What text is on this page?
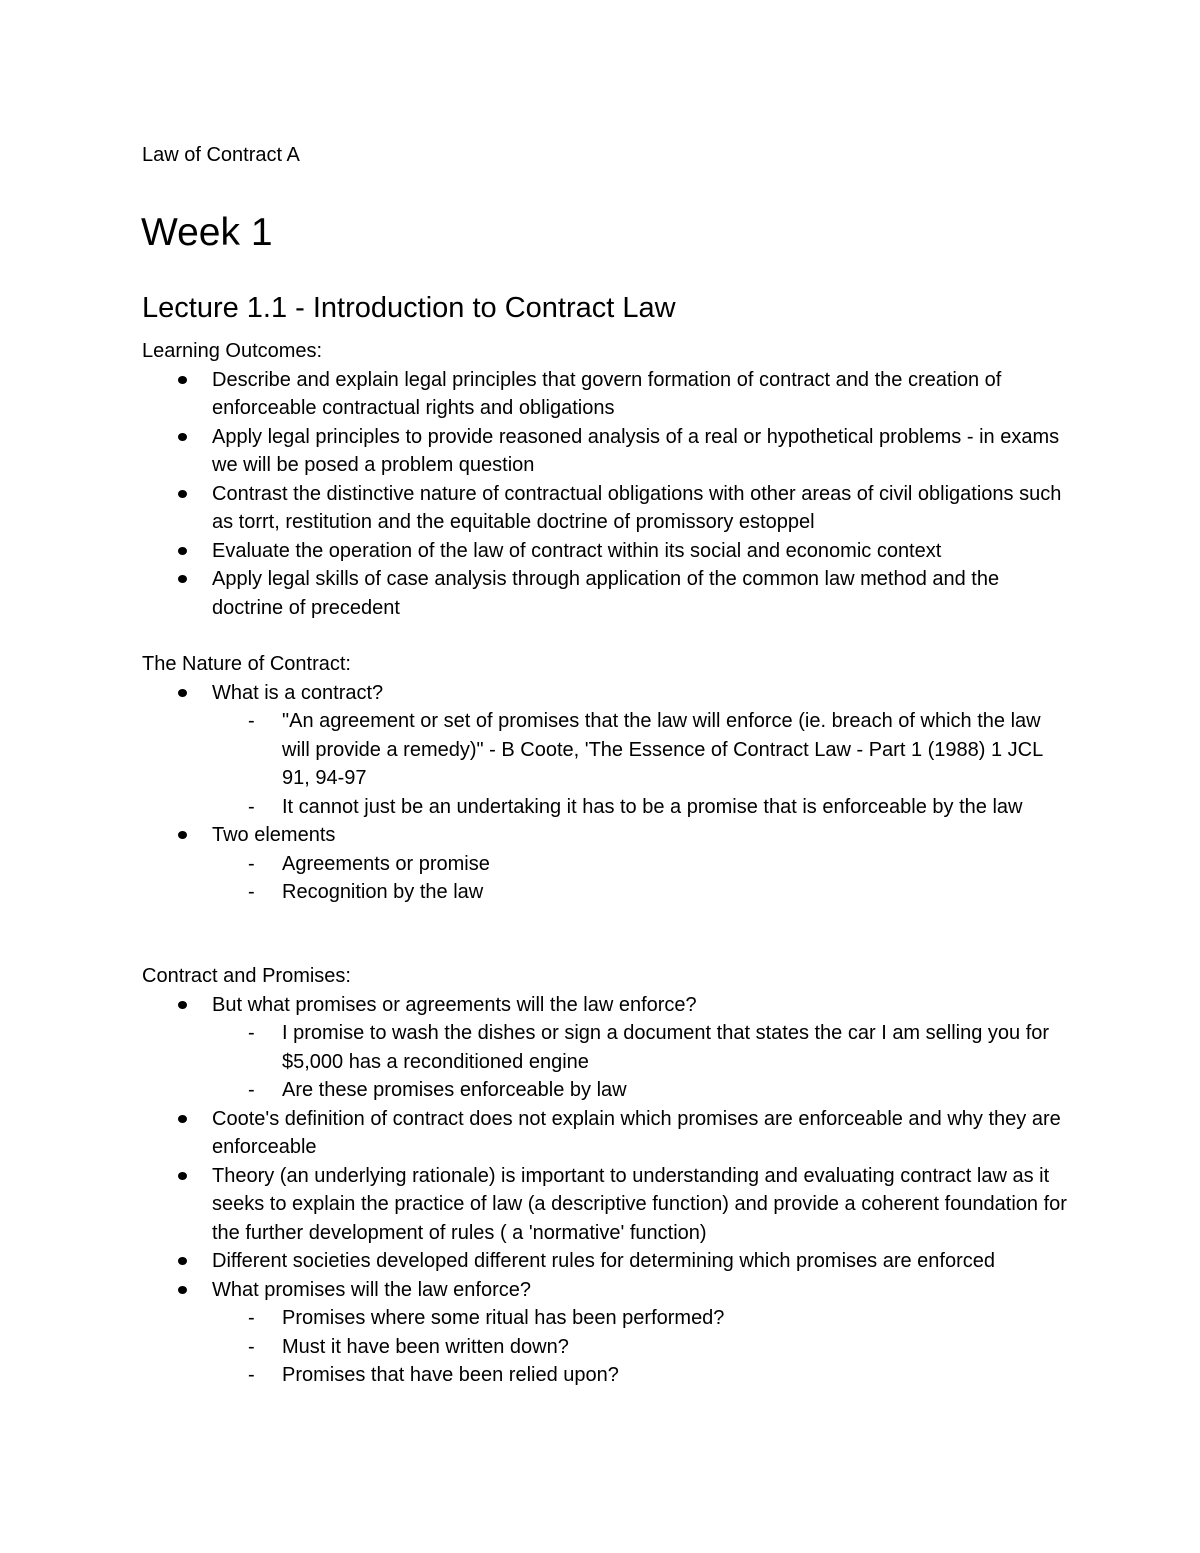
Law of Contract A
Week 1
Lecture 1.1 - Introduction to Contract Law

Learning Outcomes:

Describe and explain legal principles that govern formation of contract and the creation of enforceable contractual rights and obligations
Apply legal principles to provide reasoned analysis of a real or hypothetical problems - in exams we will be posed a problem question
Contrast the distinctive nature of contractual obligations with other areas of civil obligations such as torrt, restitution and the equitable doctrine of promissory estoppel
Evaluate the operation of the law of contract within its social and economic context
Apply legal skills of case analysis through application of the common law method and the doctrine of precedent

The Nature of Contract:

What is a contract?
- "An agreement or set of promises that the law will enforce (ie. breach of which the law will provide a remedy)" - B Coote, 'The Essence of Contract Law - Part 1 (1988) 1 JCL 91, 94-97
- It cannot just be an undertaking it has to be a promise that is enforceable by the law
Two elements
- Agreements or promise
- Recognition by the law

Contract and Promises:

But what promises or agreements will the law enforce?
- I promise to wash the dishes or sign a document that states the car I am selling you for $5,000 has a reconditioned engine
- Are these promises enforceable by law
Coote's definition of contract does not explain which promises are enforceable and why they are enforceable
Theory (an underlying rationale) is important to understanding and evaluating contract law as it seeks to explain the practice of law (a descriptive function) and provide a coherent foundation for the further development of rules ( a 'normative' function)
Different societies developed different rules for determining which promises are enforced
What promises will the law enforce?
- Promises where some ritual has been performed?
- Must it have been written down?
- Promises that have been relied upon?
